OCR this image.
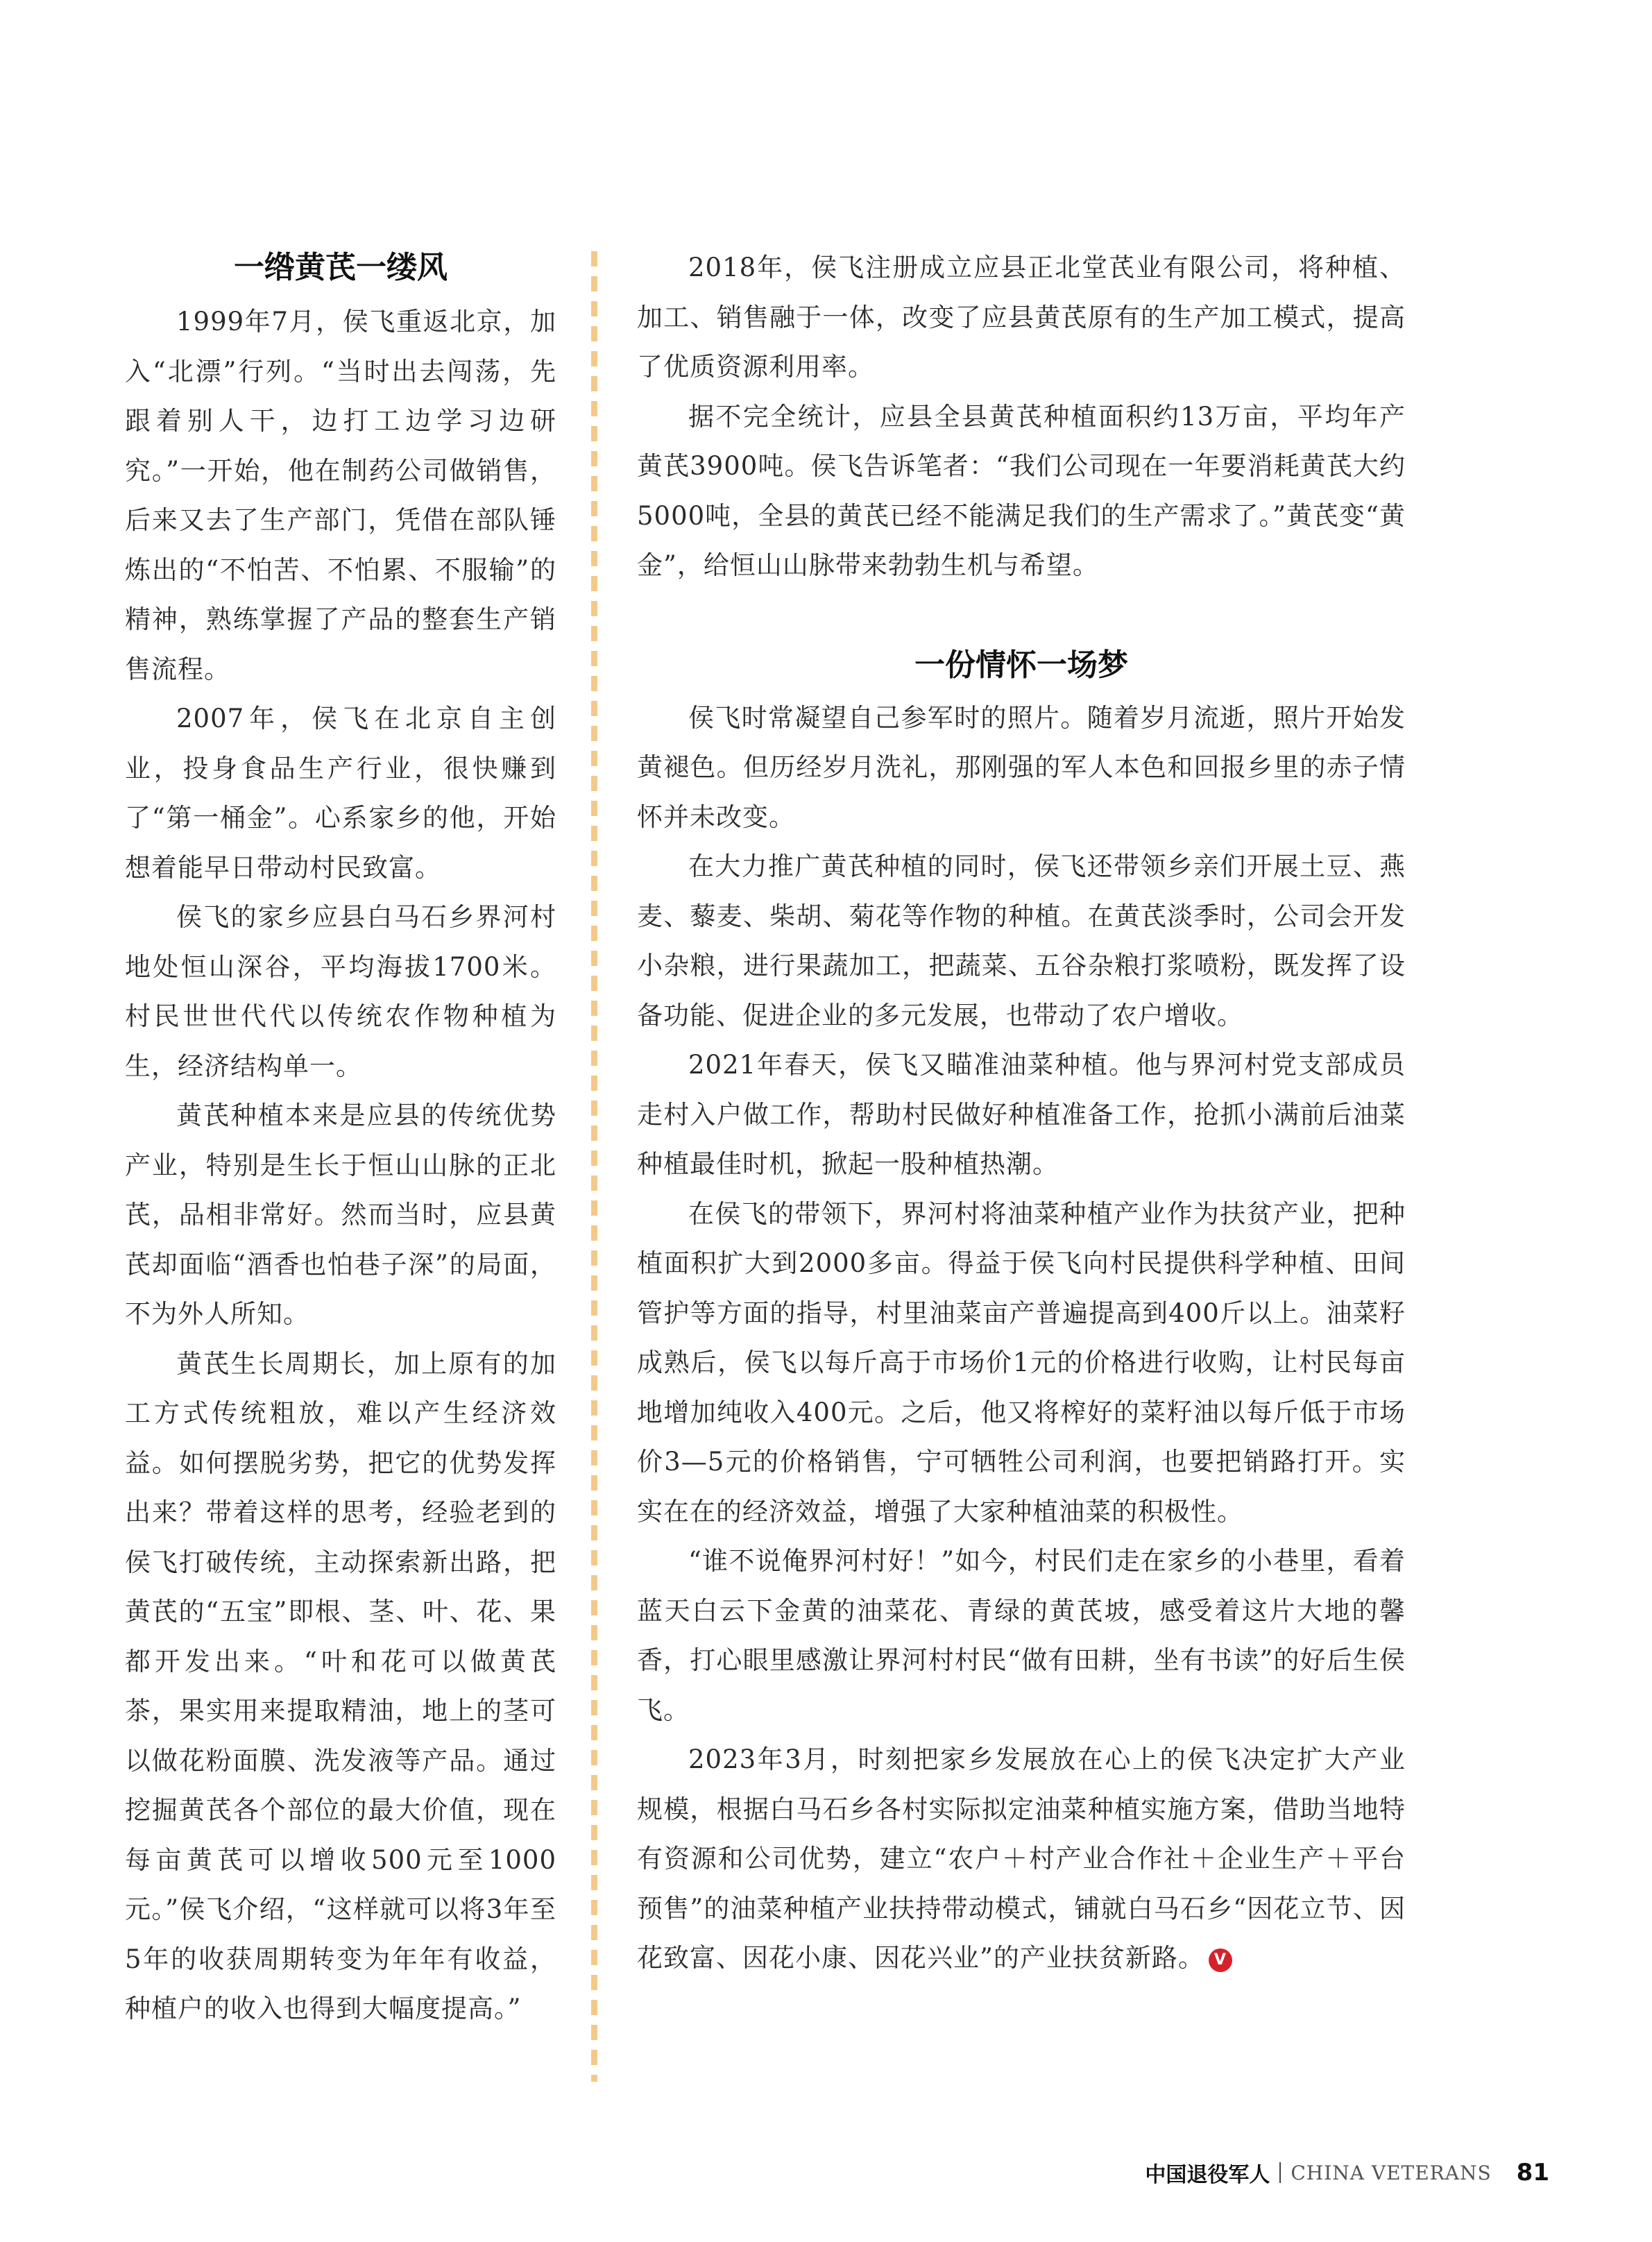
一绺黄芪一缕风

1999年7月，侯飞重返北京，加入“北漂”行列。“当时出去闯荡，先跟着别人干，边打工边学习边研究。”一开始，他在制药公司做销售，后来又去了生产部门，凭借在部队锤炼出的“不怕苦、不怕累、不服输”的精神，熟练掌握了产品的整套生产销售流程。

2007年，侯飞在北京自主创业，投身食品生产行业，很快赚到了“第一桶金”。心系家乡的他，开始想着能早日带动村民致富。

侯飞的家乡应县白马石乡界河村地处恒山深谷，平均海拔1700米。村民世世代代以传统农作物种植为生，经济结构单一。

黄芪种植本来是应县的传统优势产业，特别是生长于恒山山脉的正北芪，品相非常好。然而当时，应县黄芪却面临“酒香也怕巷子深”的局面，不为外人所知。

黄芪生长周期长，加上原有的加工方式传统粗放，难以产生经济效益。如何摆脱劣势，把它的优势发挥出来？带着这样的思考，经验老到的侯飞打破传统，主动探索新出路，把黄芪的“五宝”即根、茎、叶、花、果都开发出来。“叶和花可以做黄芪茶，果实用来提取精油，地上的茎可以做花粉面膜、洗发液等产品。通过挖掘黄芪各个部位的最大价值，现在每亩黄芪可以增收500元至1000元。”侯飞介绍，“这样就可以将3年至5年的收获周期转变为年年有收益，种植户的收入也得到大幅度提高。”

2018年，侯飞注册成立应县正北堂芪业有限公司，将种植、加工、销售融于一体，改变了应县黄芪原有的生产加工模式，提高了优质资源利用率。

据不完全统计，应县全县黄芪种植面积约13万亩，平均年产黄芪3900吨。侯飞告诉笔者：“我们公司现在一年要消耗黄芪大约5000吨，全县的黄芪已经不能满足我们的生产需求了。”黄芪变“黄金”，给恒山山脉带来勃勃生机与希望。

一份情怀一场梦

侯飞时常凝望自己参军时的照片。随着岁月流逝，照片开始发黄褪色。但历经岁月洗礼，那刚强的军人本色和回报乡里的赤子情怀并未改变。

在大力推广黄芪种植的同时，侯飞还带领乡亲们开展土豆、燕麦、藜麦、柴胡、菊花等作物的种植。在黄芪淡季时，公司会开发小杂粮，进行果蔬加工，把蔬菜、五谷杂粮打浆喷粉，既发挥了设备功能、促进企业的多元发展，也带动了农户增收。

2021年春天，侯飞又瞄准油菜种植。他与界河村党支部成员走村入户做工作，帮助村民做好种植准备工作，抢抓小满前后油菜种植最佳时机，掀起一股种植热潮。

在侯飞的带领下，界河村将油菜种植产业作为扶贫产业，把种植面积扩大到2000多亩。得益于侯飞向村民提供科学种植、田间管护等方面的指导，村里油菜亩产普遍提高到400斤以上。油菜籽成熟后，侯飞以每斤高于市场价1元的价格进行收购，让村民每亩地增加纯收入400元。之后，他又将榨好的菜籽油以每斤低于市场价3—5元的价格销售，宁可牺牲公司利润，也要把销路打开。实实在在的经济效益，增强了大家种植油菜的积极性。

“谁不说俺界河村好！”如今，村民们走在家乡的小巷里，看着蓝天白云下金黄的油菜花、青绿的黄芪坡，感受着这片大地的馨香，打心眼里感激让界河村村民“做有田耕，坐有书读”的好后生侯飞。

2023年3月，时刻把家乡发展放在心上的侯飞决定扩大产业规模，根据白马石乡各村实际拟定油菜种植实施方案，借助当地特有资源和公司优势，建立“农户＋村产业合作社＋企业生产＋平台预售”的油菜种植产业扶持带动模式，铺就白马石乡“因花立节、因花致富、因花小康、因花兴业”的产业扶贫新路。 V

中国退役军人 CHINA VETERANS 81
